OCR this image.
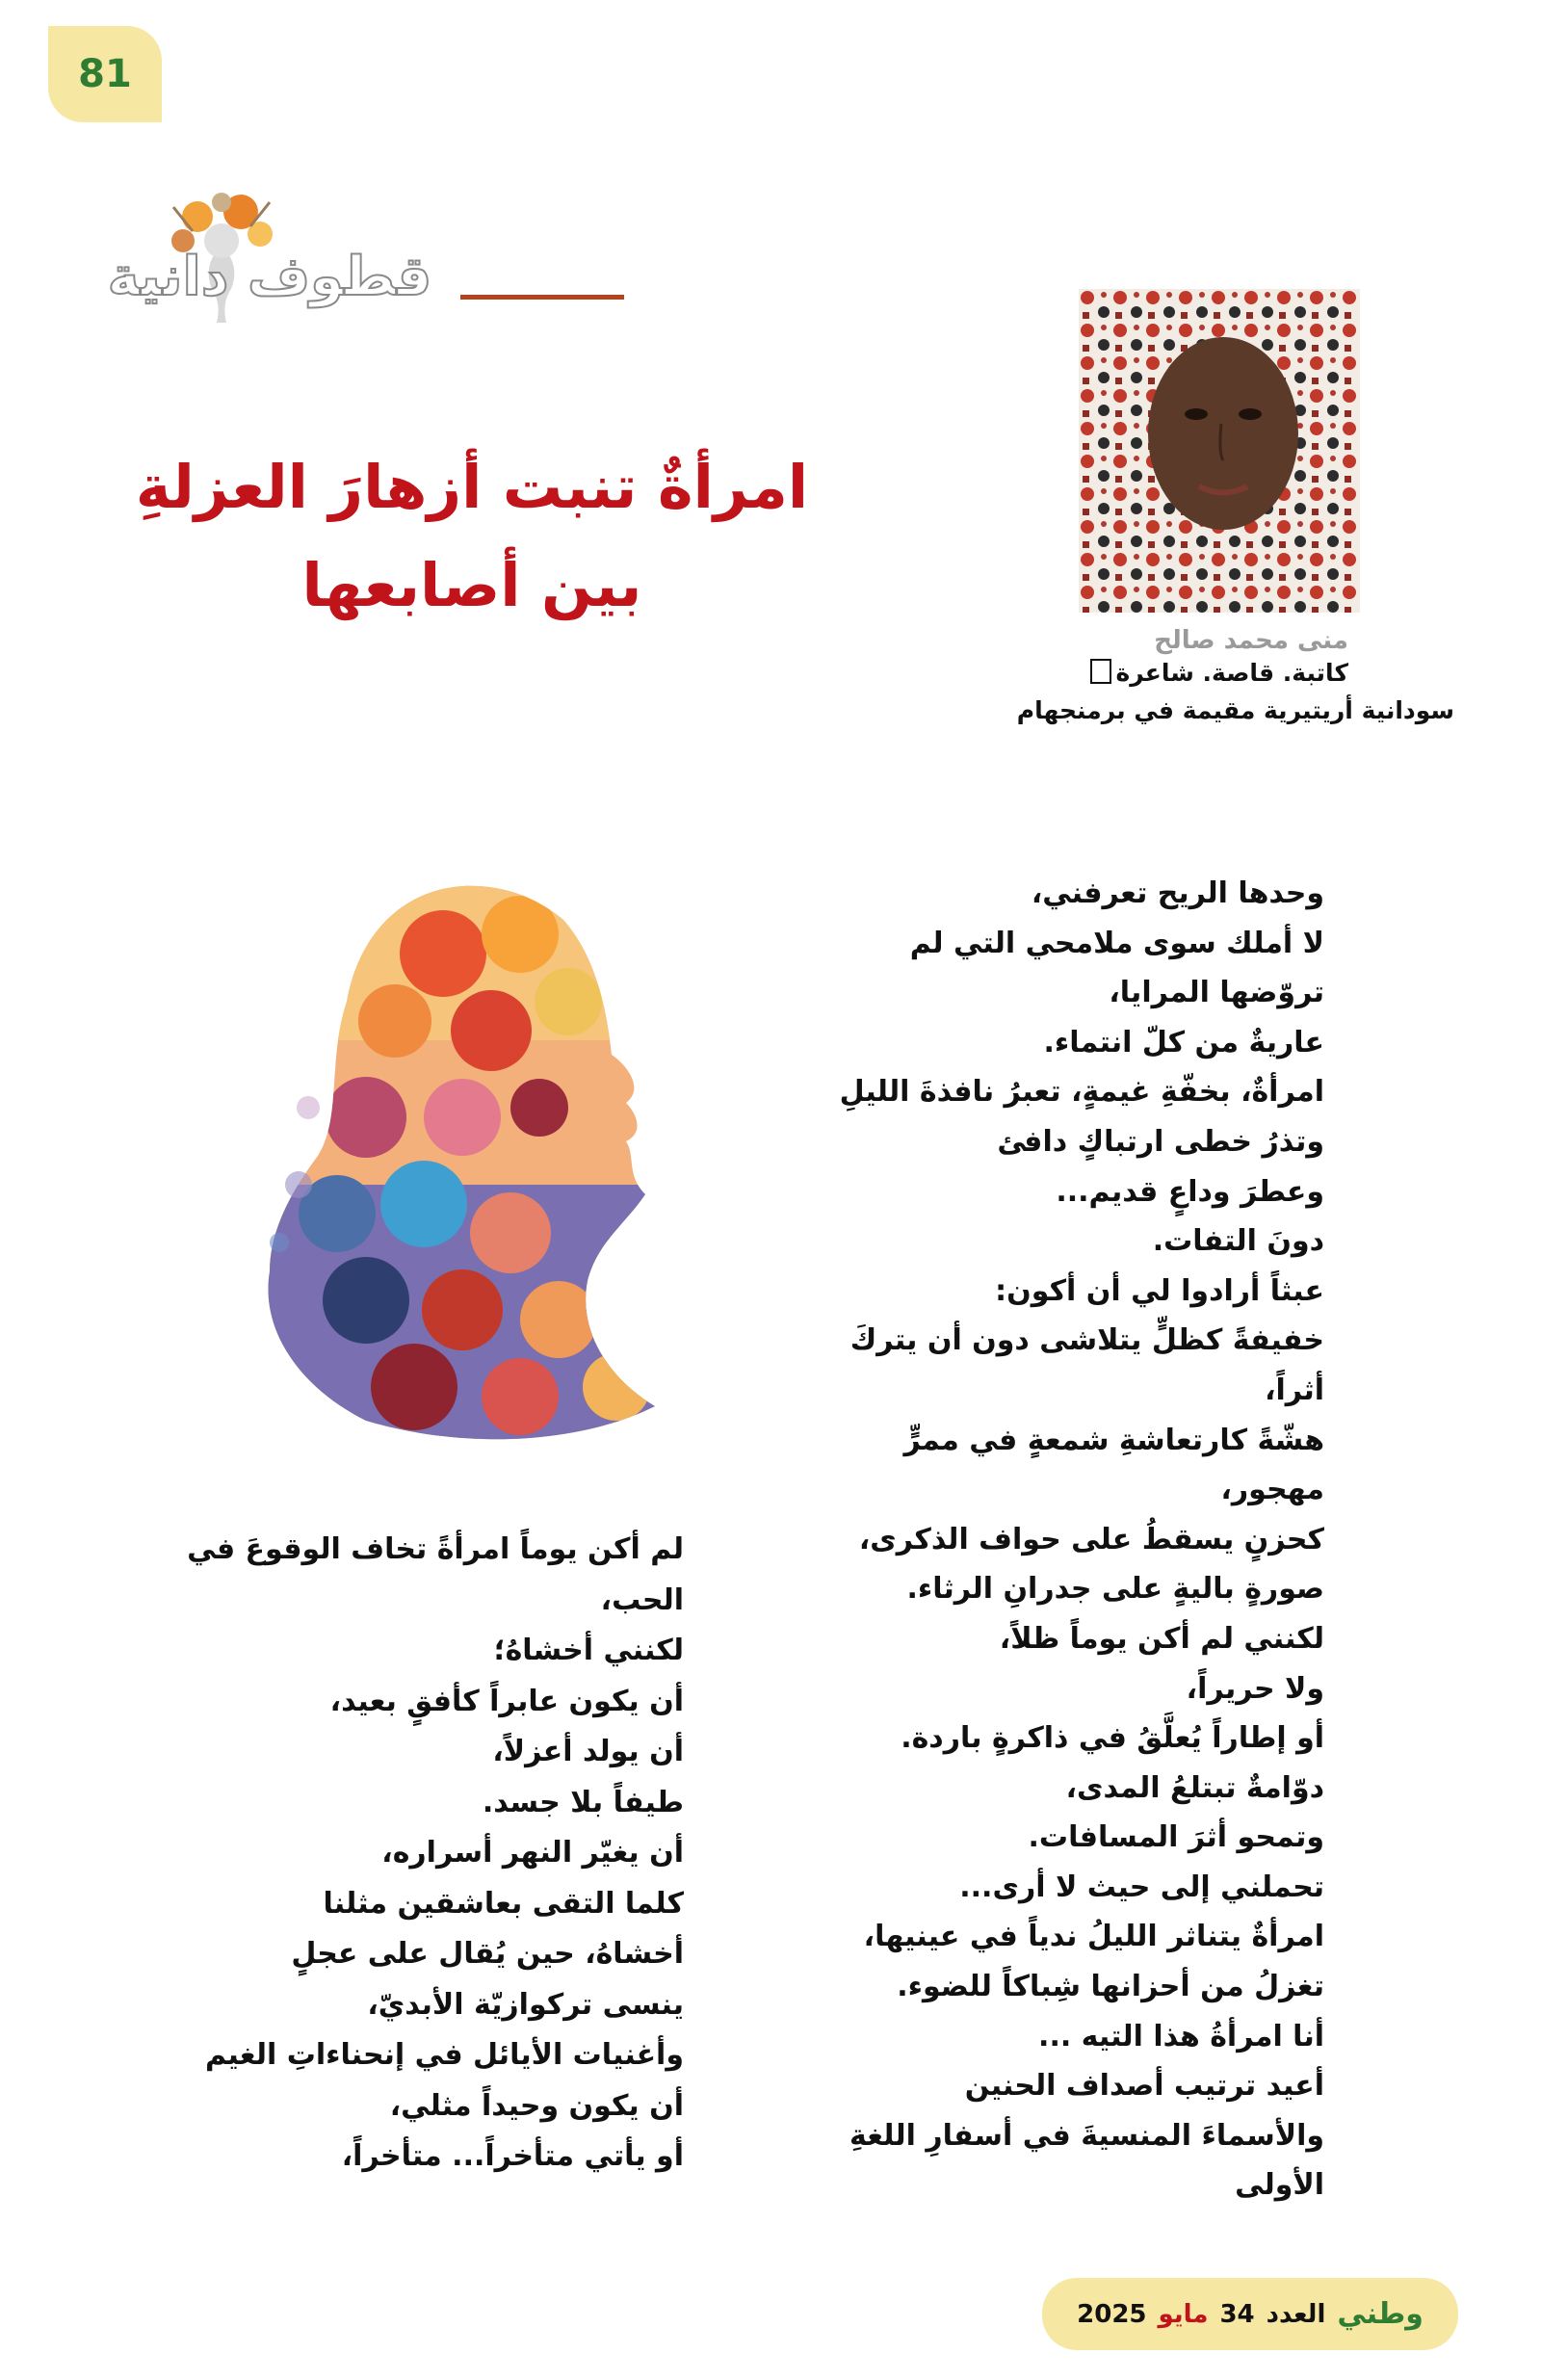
81
قطوف دانية
امرأةٌ تنبت أزهارَ العزلةِ
بين أصابعها
منى محمد صالح
كاتبة. قاصة. شاعرة
سودانية أريتيرية مقيمة في برمنجهام
وحدها الريح تعرفني،
لا أملك سوى ملامحي التي لم
تروّضها المرايا،
عاريةٌ من كلّ انتماء.
امرأةٌ، بخفّةِ غيمةٍ، تعبرُ نافذةَ الليلِ
وتذرُ خطى ارتباكٍ دافئ
وعطرَ وداعٍ قديم...
دونَ التفات.
عبثاً أرادوا لي أن أكون:
خفيفةً كظلٍّ يتلاشى دون أن يتركَ
أثراً،
هشّةً كارتعاشةِ شمعةٍ في ممرٍّ
مهجور،
كحزنٍ يسقطُ على حواف الذكرى،
صورةٍ باليةٍ على جدرانِ الرثاء.
لكنني لم أكن يوماً ظلاً،
ولا حريراً،
أو إطاراً يُعلَّقُ في ذاكرةٍ باردة.
دوّامةٌ تبتلعُ المدى،
وتمحو أثرَ المسافات.
تحملني إلى حيث لا أرى...
امرأةٌ يتناثر الليلُ ندياً في عينيها،
تغزلُ من أحزانها شِباكاً للضوء.
أنا امرأةُ هذا التيه ...
أعيد ترتيب أصداف الحنين
والأسماءَ المنسيةَ في أسفارِ اللغةِ
الأولى
لم أكن يوماً امرأةً تخاف الوقوعَ في
الحب،
لكنني أخشاهُ؛
أن يكون عابراً كأفقٍ بعيد،
أن يولد أعزلاً،
طيفاً بلا جسد.
أن يغيّر النهر أسراره،
كلما التقى بعاشقين مثلنا
أخشاهُ، حين يُقال على عجلٍ
ينسى تركوازيّة الأبديّ،
وأغنيات الأيائل في إنحناءاتِ الغيم
أن يكون وحيداً مثلي،
أو يأتي متأخراً... متأخراً،
وطني
العدد
34
مايو
2025
